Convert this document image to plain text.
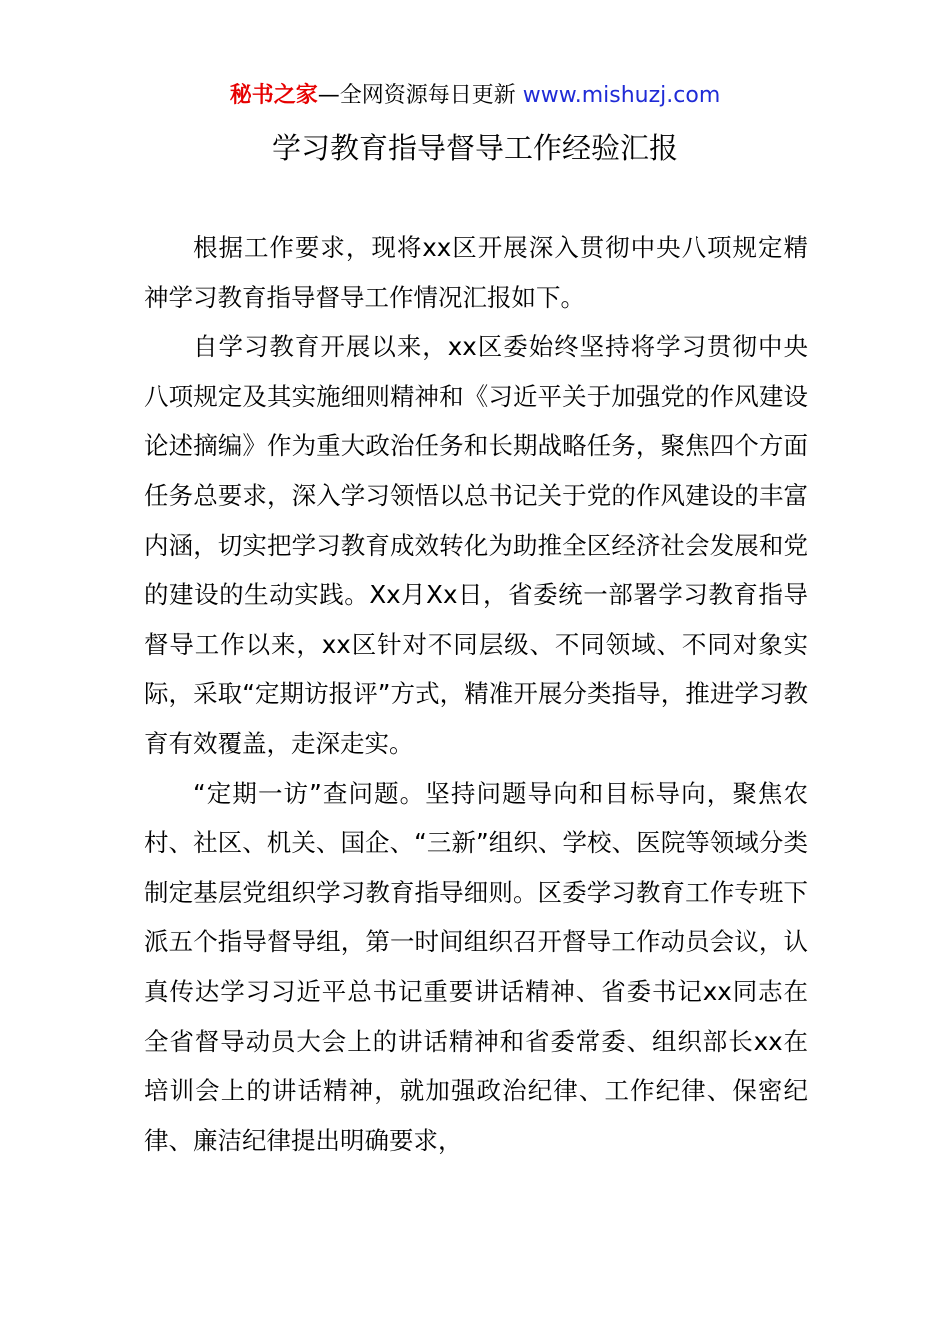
秘书之家—全网资源每日更新 www.mishuzj.com
学习教育指导督导工作经验汇报

根据工作要求，现将xx区开展深入贯彻中央八项规定精神学习教育指导督导工作情况汇报如下。

自学习教育开展以来，xx区委始终坚持将学习贯彻中央八项规定及其实施细则精神和《习近平关于加强党的作风建设论述摘编》作为重大政治任务和长期战略任务，聚焦四个方面任务总要求，深入学习领悟以总书记关于党的作风建设的丰富内涵，切实把学习教育成效转化为助推全区经济社会发展和党的建设的生动实践。Xx月Xx日，省委统一部署学习教育指导督导工作以来，xx区针对不同层级、不同领域、不同对象实际，采取“定期访报评”方式，精准开展分类指导，推进学习教育有效覆盖，走深走实。

“定期一访”查问题。坚持问题导向和目标导向，聚焦农村、社区、机关、国企、“三新”组织、学校、医院等领域分类制定基层党组织学习教育指导细则。区委学习教育工作专班下派五个指导督导组，第一时间组织召开督导工作动员会议，认真传达学习习近平总书记重要讲话精神、省委书记xx同志在全省督导动员大会上的讲话精神和省委常委、组织部长xx在培训会上的讲话精神，就加强政治纪律、工作纪律、保密纪律、廉洁纪律提出明确要求，
